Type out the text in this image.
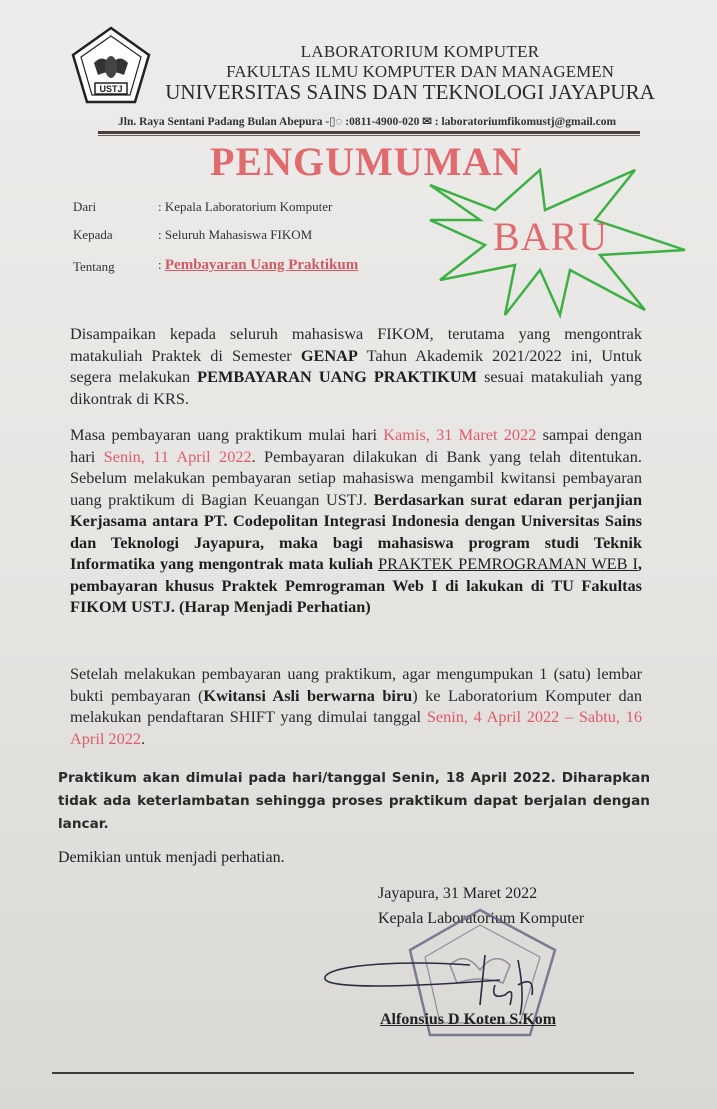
USTJ
LABORATORIUM KOMPUTER
FAKULTAS ILMU KOMPUTER DAN MANAGEMEN
UNIVERSITAS SAINS DAN TEKNOLOGI JAYAPURA
Jln. Raya Sentani Padang Bulan Abepura -▯◌ :0811-4900-020 ✉ : laboratoriumfikomustj@gmail.com
PENGUMUMAN
Dari	: Kepala Laboratorium Komputer
Kepada	: Seluruh Mahasiswa FIKOM
Tentang	: Pembayaran Uang Praktikum
BARU
Disampaikan kepada seluruh mahasiswa FIKOM, terutama yang mengontrak matakuliah Praktek di Semester GENAP Tahun Akademik 2021/2022 ini, Untuk segera melakukan PEMBAYARAN UANG PRAKTIKUM sesuai matakuliah yang dikontrak di KRS.
Masa pembayaran uang praktikum mulai hari Kamis, 31 Maret 2022 sampai dengan hari Senin, 11 April 2022. Pembayaran dilakukan di Bank yang telah ditentukan. Sebelum melakukan pembayaran setiap mahasiswa mengambil kwitansi pembayaran uang praktikum di Bagian Keuangan USTJ. Berdasarkan surat edaran perjanjian Kerjasama antara PT. Codepolitan Integrasi Indonesia dengan Universitas Sains dan Teknologi Jayapura, maka bagi mahasiswa program studi Teknik Informatika yang mengontrak mata kuliah PRAKTEK PEMROGRAMAN WEB I, pembayaran khusus Praktek Pemrograman Web I di lakukan di TU Fakultas FIKOM USTJ. (Harap Menjadi Perhatian)
Setelah melakukan pembayaran uang praktikum, agar mengumpukan 1 (satu) lembar bukti pembayaran (Kwitansi Asli berwarna biru) ke Laboratorium Komputer dan melakukan pendaftaran SHIFT yang dimulai tanggal Senin, 4 April 2022 – Sabtu, 16 April 2022.
Praktikum akan dimulai pada hari/tanggal Senin, 18 April 2022. Diharapkan tidak ada keterlambatan sehingga proses praktikum dapat berjalan dengan lancar.
Demikian untuk menjadi perhatian.
Jayapura, 31 Maret 2022
Kepala Laboratorium Komputer
Alfonsius D Koten S.Kom
